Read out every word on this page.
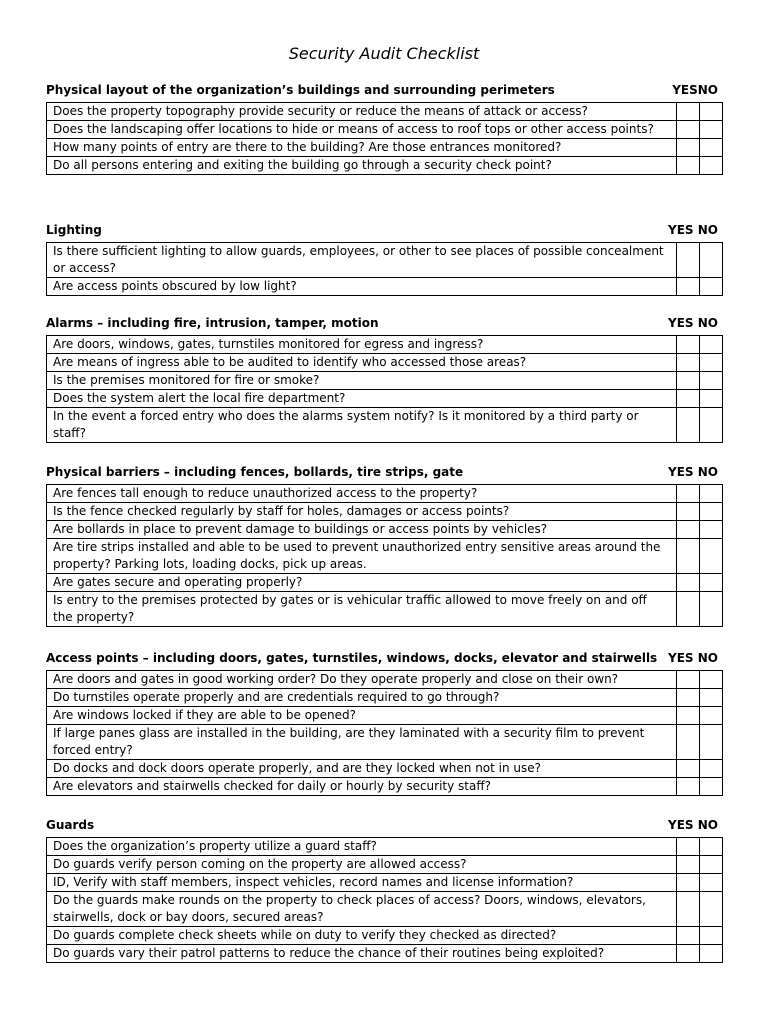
Security Audit Checklist
Physical layout of the organization’s buildings and surrounding perimeters	YESNO
Does the property topography provide security or reduce the means of attack or access?		
Does the landscaping offer locations to hide or means of access to roof tops or other access points?		
How many points of entry are there to the building? Are those entrances monitored?		
Do all persons entering and exiting the building go through a security check point?		
Lighting	YES NO
Is there sufficient lighting to allow guards, employees, or other to see places of possible concealment or access?		
Are access points obscured by low light?		
Alarms – including fire, intrusion, tamper, motion	YES NO
Are doors, windows, gates, turnstiles monitored for egress and ingress?		
Are means of ingress able to be audited to identify who accessed those areas?		
Is the premises monitored for fire or smoke?		
Does the system alert the local fire department?		
In the event a forced entry who does the alarms system notify? Is it monitored by a third party or staff?		
Physical barriers – including fences, bollards, tire strips, gate	YES NO
Are fences tall enough to reduce unauthorized access to the property?		
Is the fence checked regularly by staff for holes, damages or access points?		
Are bollards in place to prevent damage to buildings or access points by vehicles?		
Are tire strips installed and able to be used to prevent unauthorized entry sensitive areas around the property? Parking lots, loading docks, pick up areas.		
Are gates secure and operating properly?		
Is entry to the premises protected by gates or is vehicular traffic allowed to move freely on and off the property?		
Access points – including doors, gates, turnstiles, windows, docks, elevator and stairwells YES NO
Are doors and gates in good working order? Do they operate properly and close on their own?		
Do turnstiles operate properly and are credentials required to go through?		
Are windows locked if they are able to be opened?		
If large panes glass are installed in the building, are they laminated with a security film to prevent forced entry?		
Do docks and dock doors operate properly, and are they locked when not in use?		
Are elevators and stairwells checked for daily or hourly by security staff?		
Guards	YES NO
Does the organization’s property utilize a guard staff?		
Do guards verify person coming on the property are allowed access?		
ID, Verify with staff members, inspect vehicles, record names and license information?		
Do the guards make rounds on the property to check places of access? Doors, windows, elevators, stairwells, dock or bay doors, secured areas?		
Do guards complete check sheets while on duty to verify they checked as directed?		
Do guards vary their patrol patterns to reduce the chance of their routines being exploited?		
